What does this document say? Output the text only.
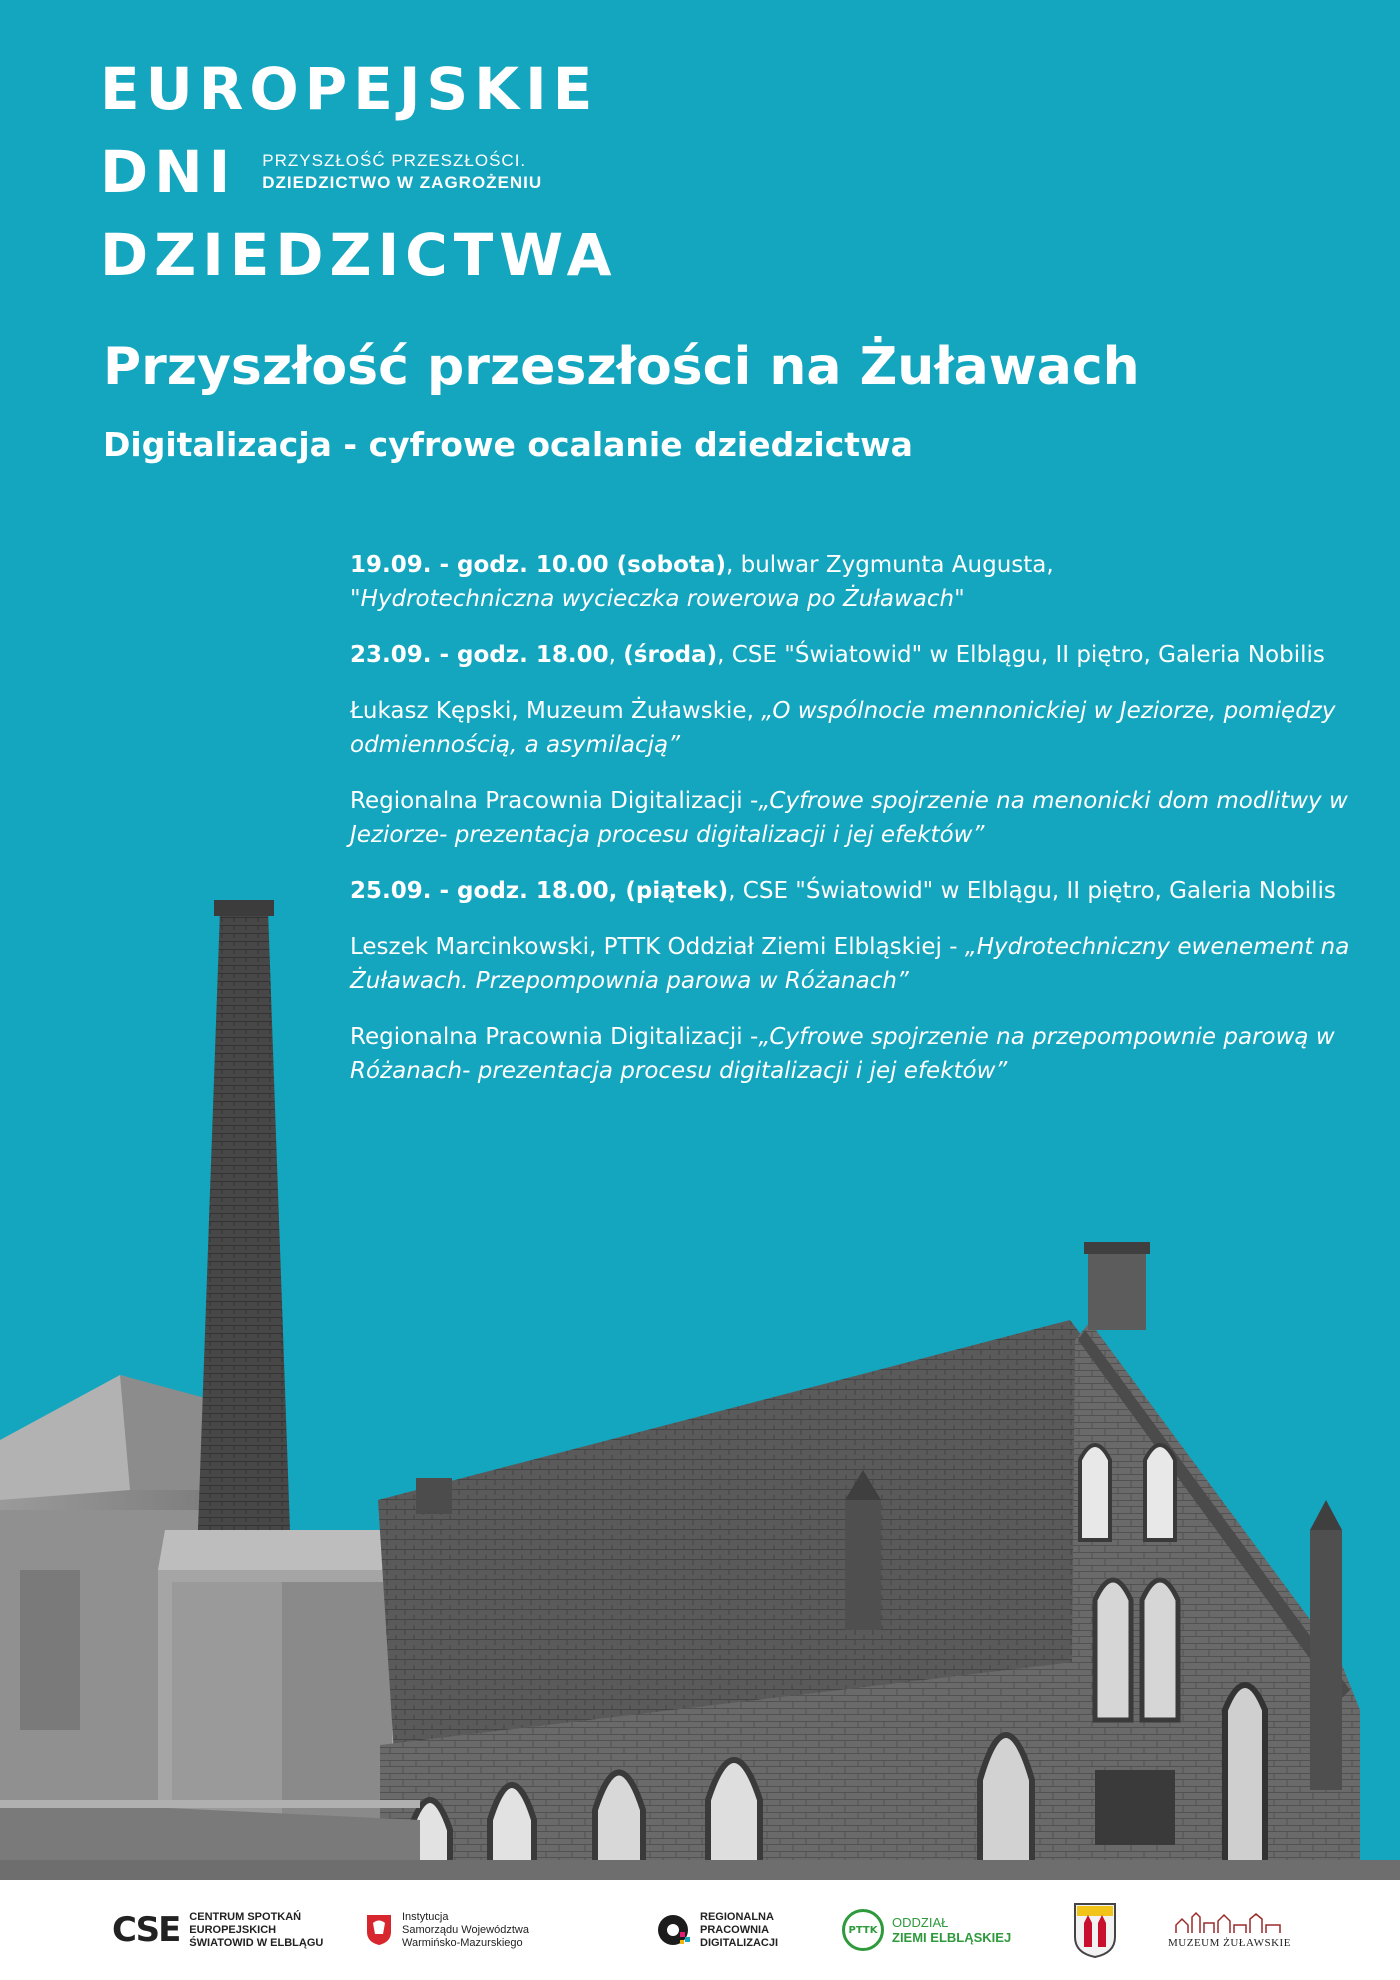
EUROPEJSKIE
DNI PRZYSZŁOŚĆ PRZESZŁOŚCI.
DZIEDZICTWO W ZAGROŻENIU
DZIEDZICTWA
Przyszłość przeszłości na Żuławach
Digitalizacja - cyfrowe ocalanie dziedzictwa

19.09. - godz. 10.00 (sobota), bulwar Zygmunta Augusta,
"Hydrotechniczna wycieczka rowerowa po Żuławach"

23.09. - godz. 18.00, (środa), CSE "Światowid" w Elblągu, II piętro, Galeria Nobilis

Łukasz Kępski, Muzeum Żuławskie, „O wspólnocie mennonickiej w Jeziorze, pomiędzy odmiennością, a asymilacją”

Regionalna Pracownia Digitalizacji -„Cyfrowe spojrzenie na menonicki dom modlitwy w Jeziorze- prezentacja procesu digitalizacji i jej efektów”

25.09. - godz. 18.00, (piątek), CSE "Światowid" w Elblągu, II piętro, Galeria Nobilis

Leszek Marcinkowski, PTTK Oddział Ziemi Elbląskiej - „Hydrotechniczny ewenement na Żuławach. Przepompownia parowa w Różanach”

Regionalna Pracownia Digitalizacji -„Cyfrowe spojrzenie na przepompownie parową w Różanach- prezentacja procesu digitalizacji i jej efektów”

CSE CENTRUM SPOTKAŃ
EUROPEJSKICH
ŚWIATOWID W ELBLĄGU
Instytucja
Samorządu Województwa
Warmińsko-Mazurskiego
REGIONALNA
PRACOWNIA
DIGITALIZACJI
PTTK ODDZIAŁ
ZIEMI ELBLĄSKIEJ	MUZEUM ŻUŁAWSKIE
